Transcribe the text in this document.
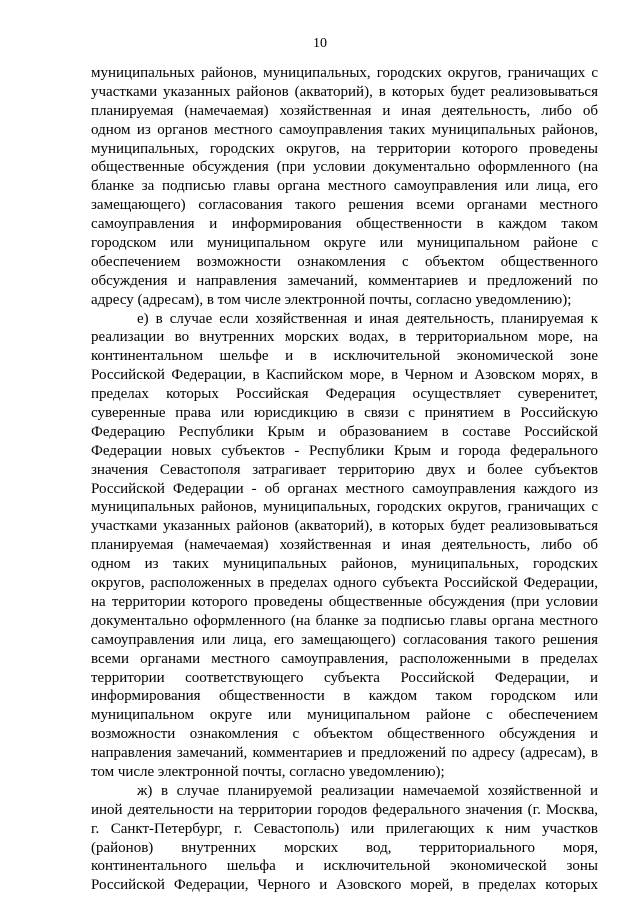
10
муниципальных районов, муниципальных, городских округов, граничащих с
участками указанных районов (акваторий), в которых будет реализовываться
планируемая (намечаемая) хозяйственная и иная деятельность, либо об
одном из органов местного самоуправления таких муниципальных районов,
муниципальных, городских округов, на территории которого проведены
общественные обсуждения (при условии документально оформленного (на
бланке за подписью главы органа местного самоуправления или лица, его
замещающего) согласования такого решения всеми органами местного
самоуправления и информирования общественности в каждом таком
городском или муниципальном округе или муниципальном районе с
обеспечением возможности ознакомления с объектом общественного
обсуждения и направления замечаний, комментариев и предложений по
адресу (адресам), в том числе электронной почты, согласно уведомлению);
е) в случае если хозяйственная и иная деятельность, планируемая к
реализации во внутренних морских водах, в территориальном море, на
континентальном шельфе и в исключительной экономической зоне
Российской Федерации, в Каспийском море, в Черном и Азовском морях, в
пределах которых Российская Федерация осуществляет суверенитет,
суверенные права или юрисдикцию в связи с принятием в Российскую
Федерацию Республики Крым и образованием в составе Российской
Федерации новых субъектов - Республики Крым и города федерального
значения Севастополя затрагивает территорию двух и более субъектов
Российской Федерации - об органах местного самоуправления каждого из
муниципальных районов, муниципальных, городских округов, граничащих с
участками указанных районов (акваторий), в которых будет реализовываться
планируемая (намечаемая) хозяйственная и иная деятельность, либо об
одном из таких муниципальных районов, муниципальных, городских
округов, расположенных в пределах одного субъекта Российской Федерации,
на территории которого проведены общественные обсуждения (при условии
документально оформленного (на бланке за подписью главы органа местного
самоуправления или лица, его замещающего) согласования такого решения
всеми органами местного самоуправления, расположенными в пределах
территории соответствующего субъекта Российской Федерации, и
информирования общественности в каждом таком городском или
муниципальном округе или муниципальном районе с обеспечением
возможности ознакомления с объектом общественного обсуждения и
направления замечаний, комментариев и предложений по адресу (адресам), в
том числе электронной почты, согласно уведомлению);
ж) в случае планируемой реализации намечаемой хозяйственной и
иной деятельности на территории городов федерального значения (г. Москва,
г. Санкт-Петербург, г. Севастополь) или прилегающих к ним участков
(районов) внутренних морских вод, территориального моря,
континентального шельфа и исключительной экономической зоны
Российской Федерации, Черного и Азовского морей, в пределах которых
